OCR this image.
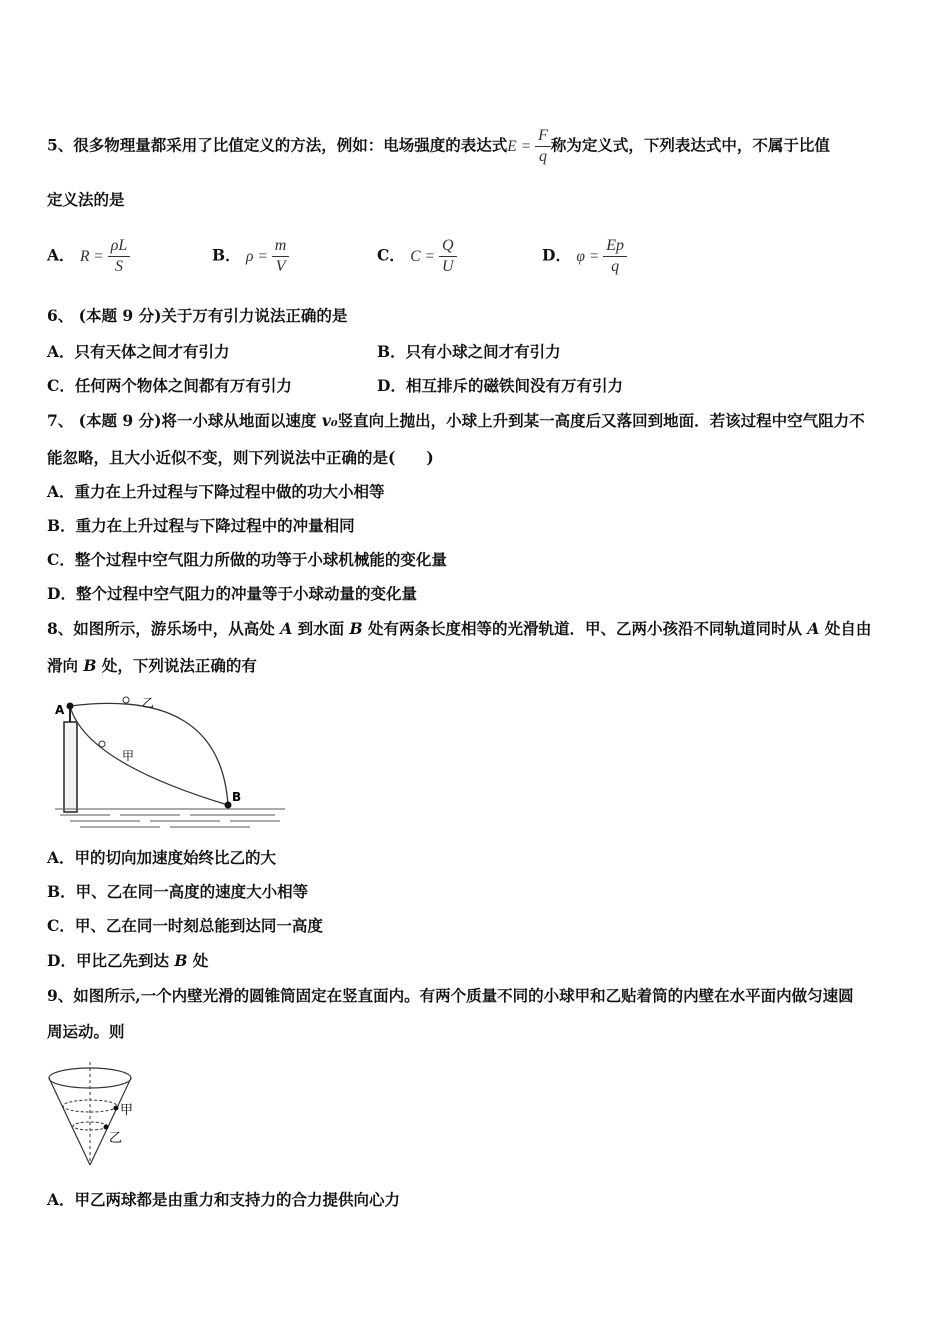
5、很多物理量都采用了比值定义的方法，例如：电场强度的表达式 $E = \frac{F}{q}$ 称为定义式，下列表达式中，不属于比值
定义法的是
A． $R = \frac{\rho L}{S}$	B． $\rho = \frac{m}{V}$	C． $C = \frac{Q}{U}$	D． $\varphi = \frac{Ep}{q}$
6、 (本题 9 分)关于万有引力说法正确的是
A．只有天体之间才有引力	B．只有小球之间才有引力
C．任何两个物体之间都有万有引力	D．相互排斥的磁铁间没有万有引力
7、 (本题 9 分)将一小球从地面以速度 v₀竖直向上抛出，小球上升到某一高度后又落回到地面．若该过程中空气阻力不
能忽略，且大小近似不变，则下列说法中正确的是(　　)
A．重力在上升过程与下降过程中做的功大小相等
B．重力在上升过程与下降过程中的冲量相同
C．整个过程中空气阻力所做的功等于小球机械能的变化量
D．整个过程中空气阻力的冲量等于小球动量的变化量
8、如图所示，游乐场中，从高处 A 到水面 B 处有两条长度相等的光滑轨道．甲、乙两小孩沿不同轨道同时从 A 处自由
滑向 B 处，下列说法正确的有
A
B
甲
乙
A．甲的切向加速度始终比乙的大
B．甲、乙在同一高度的速度大小相等
C．甲、乙在同一时刻总能到达同一高度
D．甲比乙先到达 B 处
9、如图所示,一个内壁光滑的圆锥筒固定在竖直面内。有两个质量不同的小球甲和乙贴着筒的内壁在水平面内做匀速圆
周运动。则
甲
乙
A．甲乙两球都是由重力和支持力的合力提供向心力
